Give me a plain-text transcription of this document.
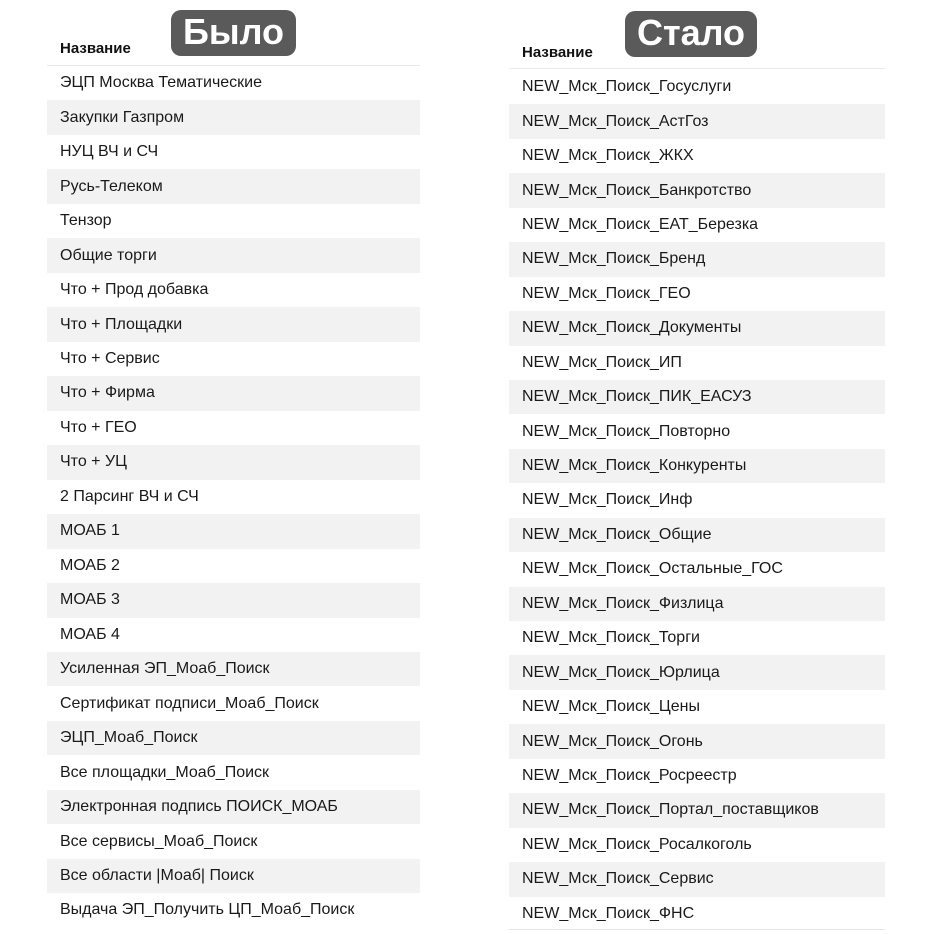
Название
ЭЦП Москва Тематические
Закупки Газпром
НУЦ ВЧ и СЧ
Русь-Телеком
Тензор
Общие торги
Что + Прод добавка
Что + Площадки
Что + Сервис
Что + Фирма
Что + ГЕО
Что + УЦ
2 Парсинг ВЧ и СЧ
МОАБ 1
МОАБ 2
МОАБ 3
МОАБ 4
Усиленная ЭП_Моаб_Поиск
Сертификат подписи_Моаб_Поиск
ЭЦП_Моаб_Поиск
Все площадки_Моаб_Поиск
Электронная подпись ПОИСК_МОАБ
Все сервисы_Моаб_Поиск
Все области |Моаб| Поиск
Выдача ЭП_Получить ЦП_Моаб_Поиск
Название
NEW_Мск_Поиск_Госуслуги
NEW_Мск_Поиск_АстГоз
NEW_Мск_Поиск_ЖКХ
NEW_Мск_Поиск_Банкротство
NEW_Мск_Поиск_ЕАТ_Березка
NEW_Мск_Поиск_Бренд
NEW_Мск_Поиск_ГЕО
NEW_Мск_Поиск_Документы
NEW_Мск_Поиск_ИП
NEW_Мск_Поиск_ПИК_ЕАСУЗ
NEW_Мск_Поиск_Повторно
NEW_Мск_Поиск_Конкуренты
NEW_Мск_Поиск_Инф
NEW_Мск_Поиск_Общие
NEW_Мск_Поиск_Остальные_ГОС
NEW_Мск_Поиск_Физлица
NEW_Мск_Поиск_Торги
NEW_Мск_Поиск_Юрлица
NEW_Мск_Поиск_Цены
NEW_Мск_Поиск_Огонь
NEW_Мск_Поиск_Росреестр
NEW_Мск_Поиск_Портал_поставщиков
NEW_Мск_Поиск_Росалкоголь
NEW_Мск_Поиск_Сервис
NEW_Мск_Поиск_ФНС
Было	Стало
